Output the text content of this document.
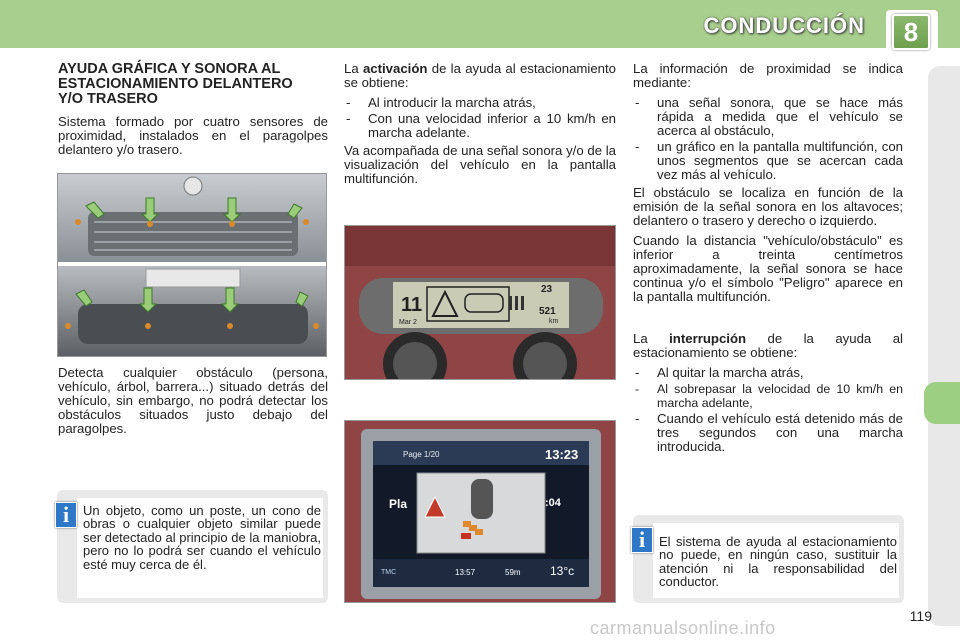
CONDUCCIÓN	8
AYUDA GRÁFICA Y SONORA AL ESTACIONAMIENTO DELANTERO Y/O TRASERO

Sistema formado por cuatro sensores de proximidad, instalados en el paragolpes delantero y/o trasero.

Detecta cualquier obstáculo (persona, vehículo, árbol, barrera...) situado detrás del vehículo, sin embargo, no podrá detectar los obstáculos situados justo debajo del paragolpes.

i	Un objeto, como un poste, un cono de obras o cualquier objeto similar puede ser detectado al principio de la maniobra, pero no lo podrá ser cuando el vehículo esté muy cerca de él.

La activación de la ayuda al estacionamiento se obtiene:

- Al introducir la marcha atrás,
- Con una velocidad inferior a 10 km/h en marcha adelante.

Va acompañada de una señal sonora y/o de la visualización del vehículo en la pantalla multifunción.

11
Mar 2
23
521
km
Page 1/20	13:23
Pla	:04
TMC	13:57	59m 13°c

La información de proximidad se indica mediante:

- una señal sonora, que se hace más rápida a medida que el vehículo se acerca al obstáculo,
- un gráfico en la pantalla multifunción, con unos segmentos que se acercan cada vez más al vehículo.

El obstáculo se localiza en función de la emisión de la señal sonora en los altavoces; delantero o trasero y derecho o izquierdo.

Cuando la distancia "vehículo/obstáculo" es inferior a treinta centímetros aproximadamente, la señal sonora se hace continua y/o el símbolo "Peligro" aparece en la pantalla multifunción.

La interrupción de la ayuda al estacionamiento se obtiene:

- Al quitar la marcha atrás,
- Al sobrepasar la velocidad de 10 km/h en marcha adelante,
- Cuando el vehículo está detenido más de tres segundos con una marcha introducida.
i	El sistema de ayuda al estacionamiento no puede, en ningún caso, sustituir la atención ni la responsabilidad del conductor.
119
carmanualsonline.info
